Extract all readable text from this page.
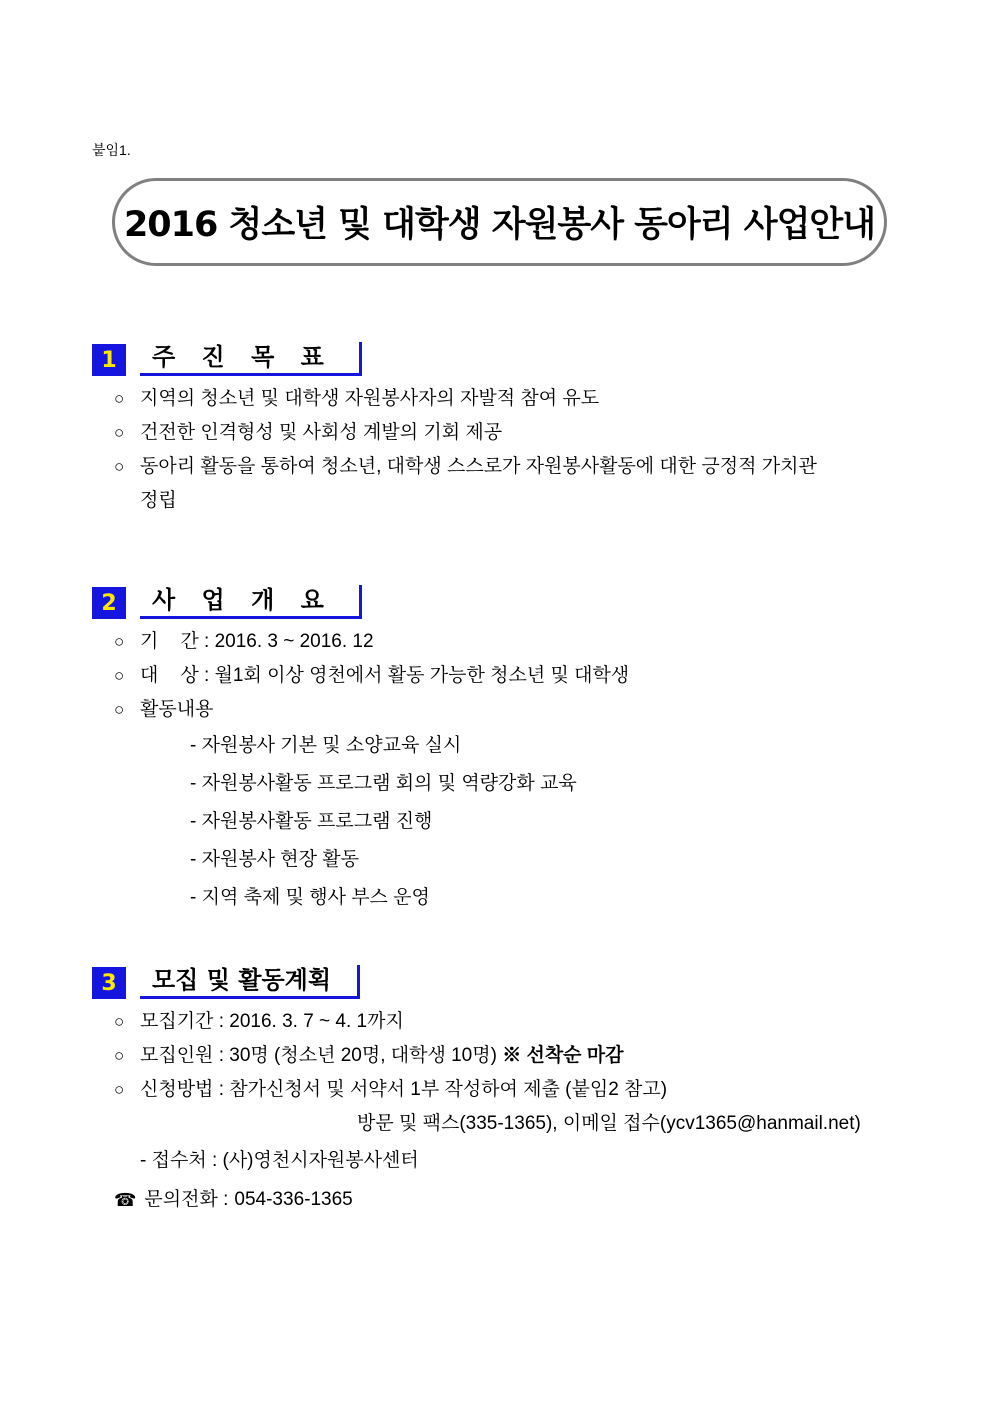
붙임1.
2016 청소년 및 대학생 자원봉사 동아리 사업안내
1	주 진 목 표
○ 지역의 청소년 및 대학생 자원봉사자의 자발적 참여 유도
○ 건전한 인격형성 및 사회성 계발의 기회 제공
○ 동아리 활동을 통하여 청소년, 대학생 스스로가 자원봉사활동에 대한 긍정적 가치관
정립
2	사 업 개 요
○ 기간 : 2016. 3 ~ 2016. 12
○ 대상 : 월1회 이상 영천에서 활동 가능한 청소년 및 대학생
○ 활동내용
- 자원봉사 기본 및 소양교육 실시
- 자원봉사활동 프로그램 회의 및 역량강화 교육
- 자원봉사활동 프로그램 진행
- 자원봉사 현장 활동
- 지역 축제 및 행사 부스 운영
3	모집 및 활동계획
○ 모집기간 : 2016. 3. 7 ~ 4. 1까지
○ 모집인원 : 30명 (청소년 20명, 대학생 10명) ※ 선착순 마감
○ 신청방법 : 참가신청서 및 서약서 1부 작성하여 제출 (붙임2 참고)
방문 및 팩스(335-1365), 이메일 접수(ycv1365@hanmail.net)
- 접수처 : (사)영천시자원봉사센터
☎ 문의전화 : 054-336-1365
